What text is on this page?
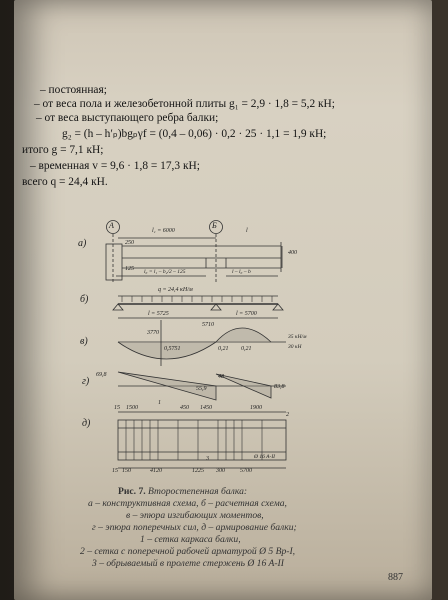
– постоянная;
– от веса пола и железобетонной плиты g₁ = 2,9 · 1,8 = 5,2 кН;
– от веса выступающего ребра балки;
g₂ = (h – h′ₚ)bgₚγf = (0,4 – 0,06) · 0,2 · 25 · 1,1 = 1,9 кН;
итого g = 7,1 кН;
– временная v = 9,6 · 1,8 = 17,3 кН;
всего q = 24,4 кН.
а)
б)
в)
г)
д)
А	Б
l₁ = 6000	l
400
250
125 l₀ = l₁ – b₂/2 – 125	l – l₀ – b
q = 24,4 кН/м
l = 5725	l = 5700
5710
3770
0,5751	0,21 0,21
35 кН/м
30 кН
69,8
55,9
48
83,8
15 1500
1
450 1450	1900
2
3
15 150	4120	1225 300	5700
Ø 16 A-II
Рис. 7. Второстепенная балка:
а – конструктивная схема, б – расчетная схема,
в – эпюра изгибающих моментов,
г – эпюра поперечных сил, д – армирование балки;
1 – сетка каркаса балки,
2 – сетка с поперечной рабочей арматурой Ø 5 Вр-I,
3 – обрываемый в пролете стержень Ø 16 A-II
887
